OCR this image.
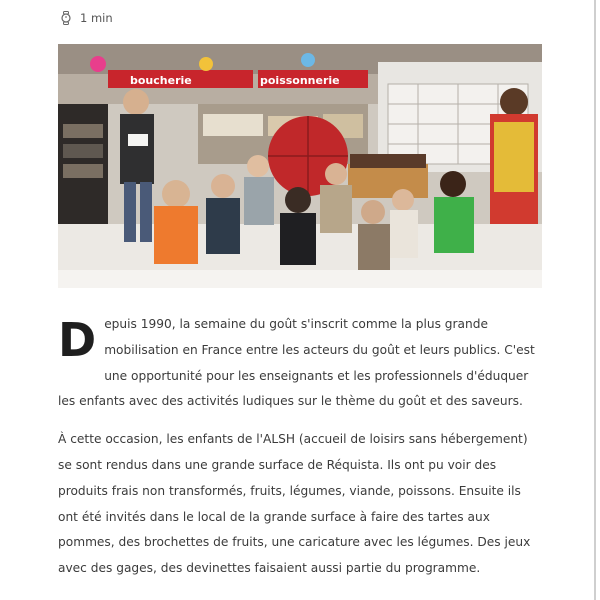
1 min
boucherie	poissonnerie

Depuis 1990, la semaine du goût s'inscrit comme la plus grande mobilisation en France entre les acteurs du goût et leurs publics. C'est une opportunité pour les enseignants et les professionnels d'éduquer les enfants avec des activités ludiques sur le thème du goût et des saveurs.

À cette occasion, les enfants de l'ALSH (accueil de loisirs sans hébergement) se sont rendus dans une grande surface de Réquista. Ils ont pu voir des produits frais non transformés, fruits, légumes, viande, poissons. Ensuite ils ont été invités dans le local de la grande surface à faire des tartes aux pommes, des brochettes de fruits, une caricature avec les légumes. Des jeux avec des gages, des devinettes faisaient aussi partie du programme.
